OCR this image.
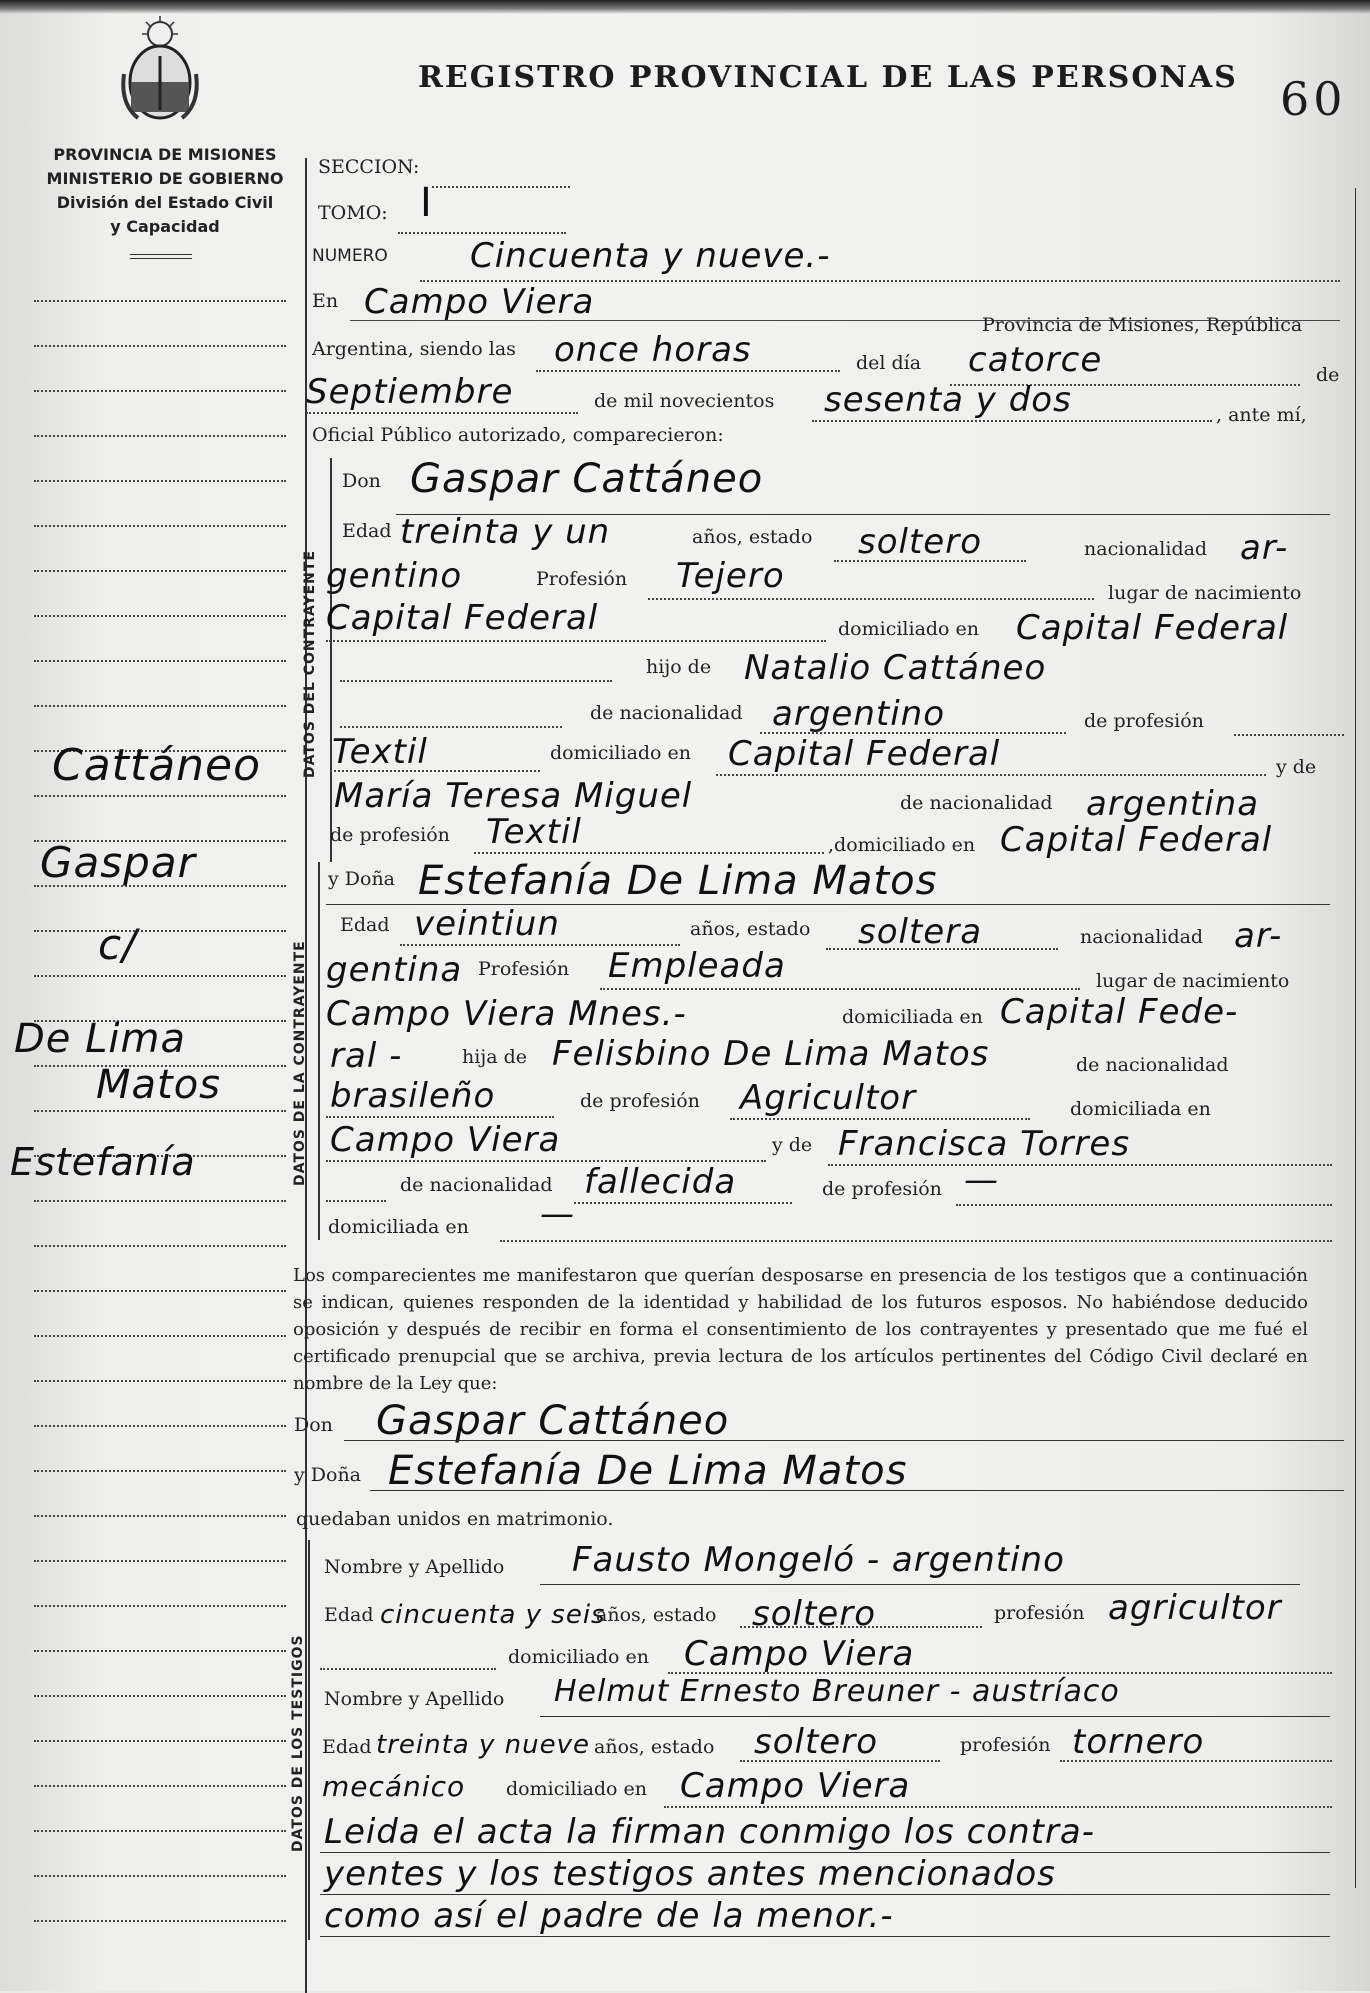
REGISTRO PROVINCIAL DE LAS PERSONAS 60
PROVINCIA DE MISIONES
MINISTERIO DE GOBIERNO
División del Estado Civil
y Capacidad
Cattáneo
Gaspar
c/
De Lima
Matos
Estefanía
SECCION:
TOMO: I
NUMERO Cincuenta y nueve.-
En Campo Viera
Provincia de Misiones, República
Argentina, siendo las once horas	del día catorce	de
Septiembre	de mil novecientos sesenta y dos	, ante mí,
Oficial Público autorizado, comparecieron:
DATOS DEL CONTRAYENTE
Don Gaspar Cattáneo
Edad treinta y un	años, estado soltero	nacionalidad ar-
gentino	Profesión Tejero	lugar de nacimiento
Capital Federal	domiciliado en Capital Federal
hijo de Natalio Cattáneo
de nacionalidad argentino	de profesión
Textil	domiciliado en Capital Federal	y de
María Teresa Miguel	de nacionalidad argentina
de profesión Textil	,domiciliado en Capital Federal
DATOS DE LA CONTRAYENTE
y Doña Estefanía De Lima Matos
Edad veintiun	años, estado soltera	nacionalidad ar-
gentina Profesión Empleada	lugar de nacimiento
Campo Viera Mnes.-	domiciliada en Capital Fede-
ral -	hija de Felisbino De Lima Matos	de nacionalidad
brasileño	de profesión Agricultor	domiciliada en
Campo Viera	y de Francisca Torres
de nacionalidad fallecida	de profesión —
domiciliada en —
Los comparecientes me manifestaron que querían desposarse en presencia de los testigos que a continuación se indican, quienes responden de la identidad y habilidad de los futuros esposos. No habiéndose deducido oposición y después de recibir en forma el consentimiento de los contrayentes y presentado que me fué el certificado prenupcial que se archiva, previa lectura de los artículos pertinentes del Código Civil declaré en nombre de la Ley que:
Don Gaspar Cattáneo
y Doña Estefanía De Lima Matos
quedaban unidos en matrimonio.
DATOS DE LOS TESTIGOS
Nombre y Apellido Fausto Mongeló - argentino
Edad cincuenta y seis
años, estado soltero	profesión agricultor
domiciliado en Campo Viera
Nombre y Apellido Helmut Ernesto Breuner - austríaco
Edad treinta y nueve años, estado soltero	profesión tornero
mecánico domiciliado en Campo Viera
Leida el acta la firman conmigo los contra-
yentes y los testigos antes mencionados
como así el padre de la menor.-
